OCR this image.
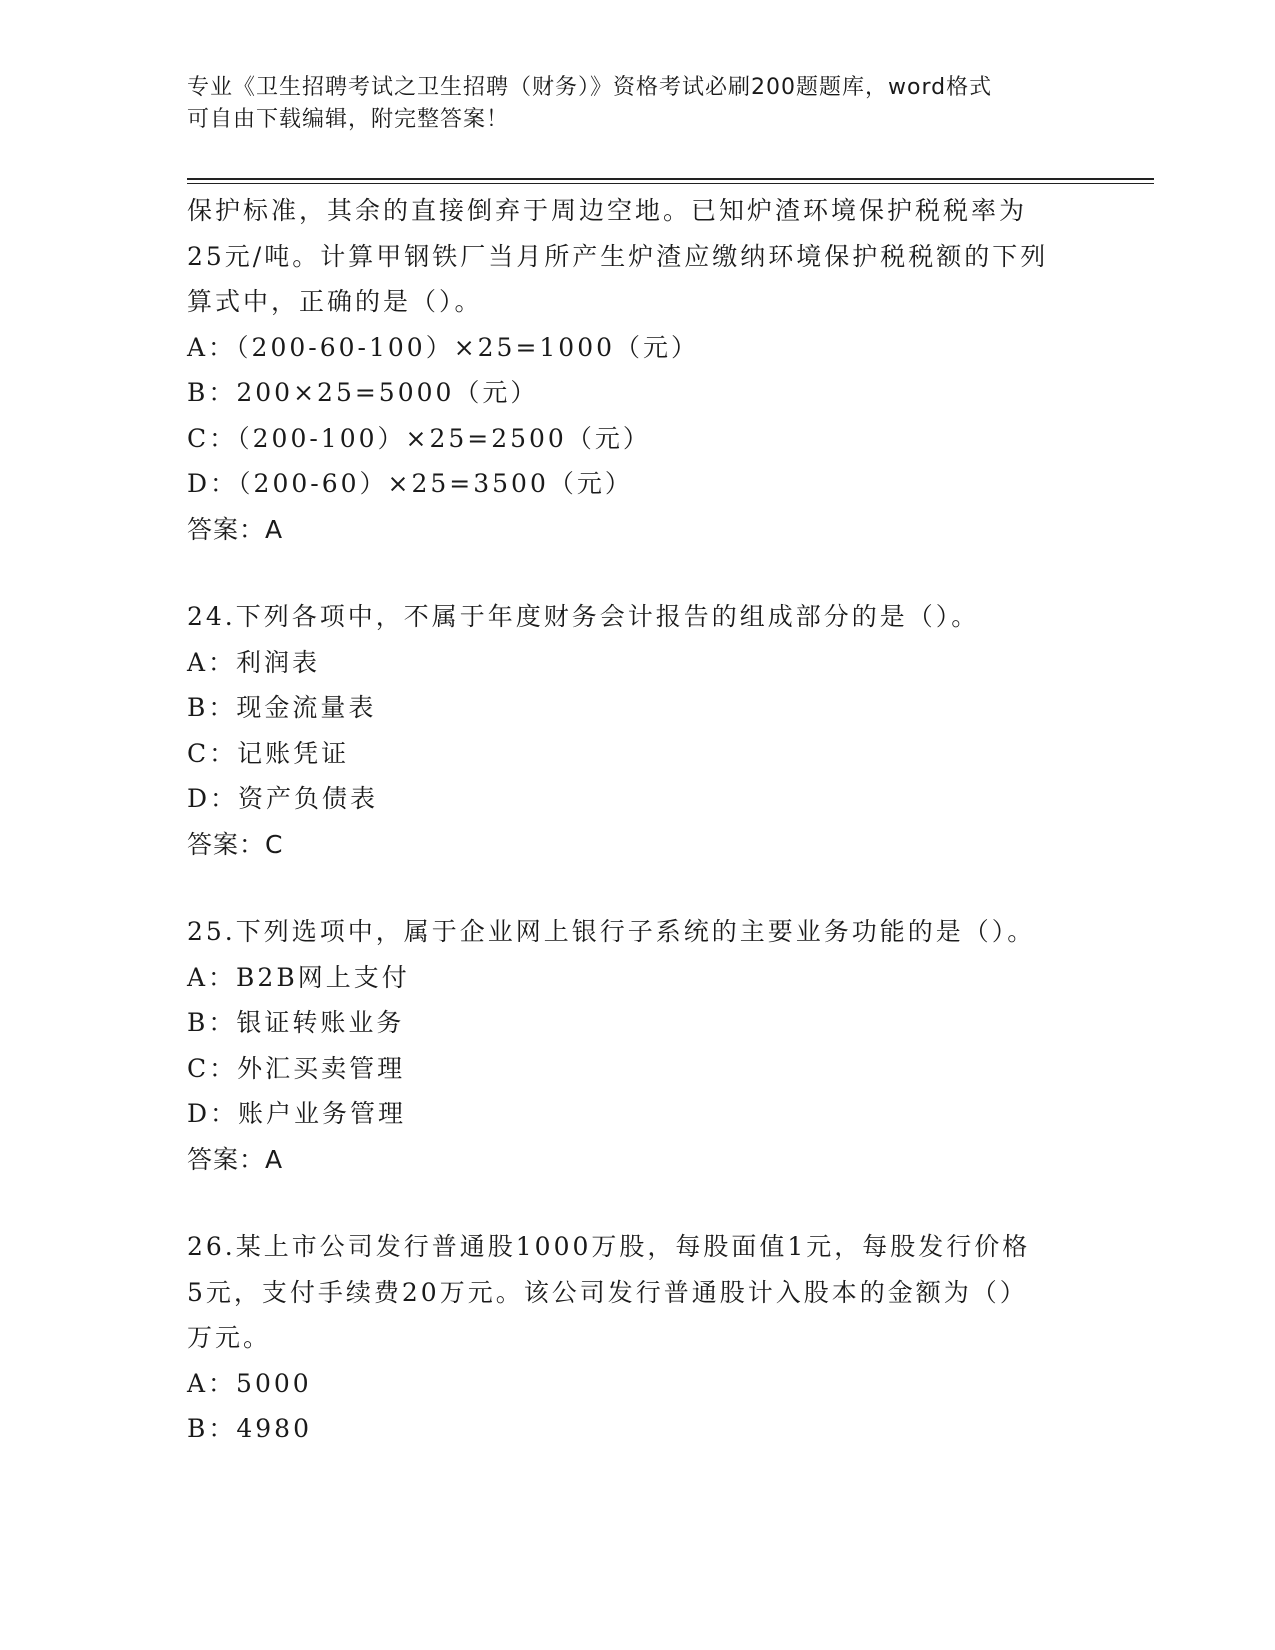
专业《卫生招聘考试之卫生招聘（财务）》资格考试必刷200题题库，word格式
可自由下载编辑，附完整答案！
保护标准，其余的直接倒弃于周边空地。已知炉渣环境保护税税率为
25元/吨。计算甲钢铁厂当月所产生炉渣应缴纳环境保护税税额的下列
算式中，正确的是（）。
A：（200-60-100）×25=1000（元）
B：200×25=5000（元）
C：（200-100）×25=2500（元）
D：（200-60）×25=3500（元）
答案：A
24.下列各项中，不属于年度财务会计报告的组成部分的是（）。
A：利润表
B：现金流量表
C：记账凭证
D：资产负债表
答案：C
25.下列选项中，属于企业网上银行子系统的主要业务功能的是（）。
A：B2B网上支付
B：银证转账业务
C：外汇买卖管理
D：账户业务管理
答案：A
26.某上市公司发行普通股1000万股，每股面值1元，每股发行价格
5元，支付手续费20万元。该公司发行普通股计入股本的金额为（）
万元。
A：5000
B：4980
